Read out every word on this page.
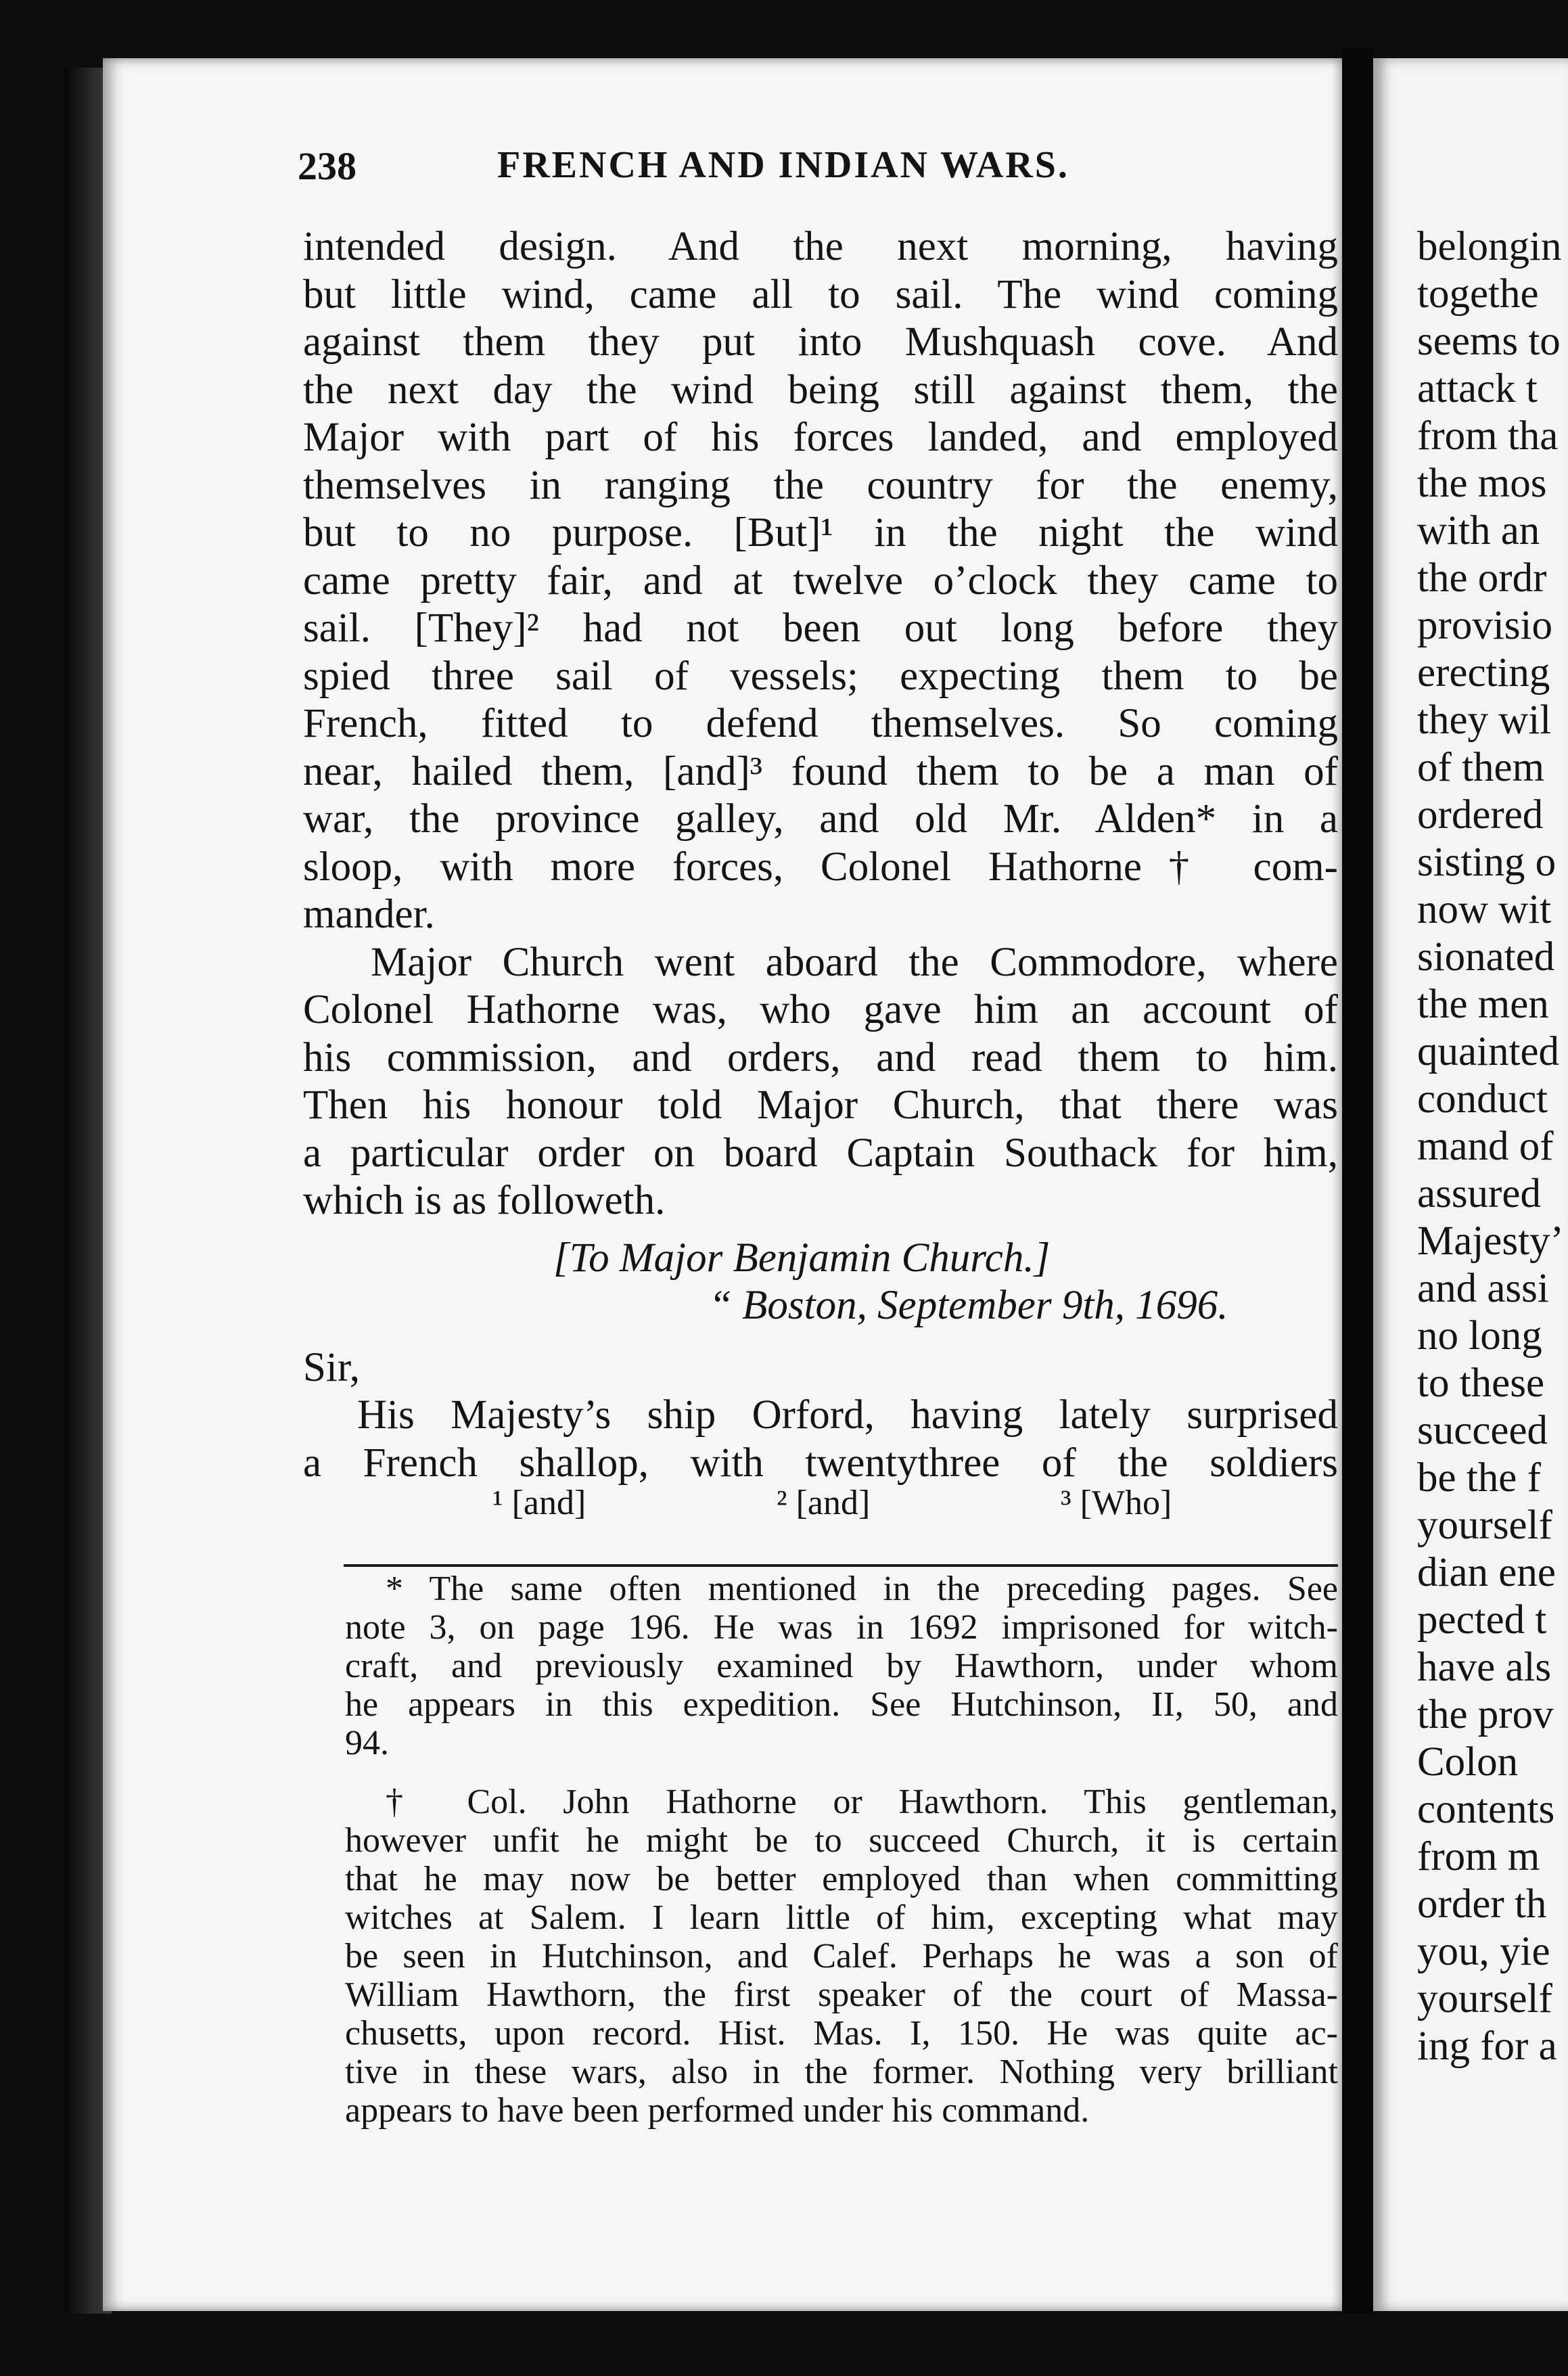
238	FRENCH AND INDIAN WARS.
intended design. And the next morning, having
but little wind, came all to sail. The wind coming
against them they put into Mushquash cove. And
the next day the wind being still against them, the
Major with part of his forces landed, and employed
themselves in ranging the country for the enemy,
but to no purpose. [But]¹ in the night the wind
came pretty fair, and at twelve o’clock they came to
sail. [They]² had not been out long before they
spied three sail of vessels; expecting them to be
French, fitted to defend themselves. So coming
near, hailed them, [and]³ found them to be a man of
war, the province galley, and old Mr. Alden* in a
sloop, with more forces, Colonel Hathorne† com-
mander.
Major Church went aboard the Commodore, where
Colonel Hathorne was, who gave him an account of
his commission, and orders, and read them to him.
Then his honour told Major Church, that there was
a particular order on board Captain Southack for him,
which is as followeth.
[To Major Benjamin Church.]
“ Boston, September 9th, 1696.
Sir,
His Majesty’s ship Orford, having lately surprised
a French shallop, with twentythree of the soldiers
¹ [and]	² [and]	³ [Who]
* The same often mentioned in the preceding pages. See
note 3, on page 196. He was in 1692 imprisoned for witch-
craft, and previously examined by Hawthorn, under whom
he appears in this expedition. See Hutchinson, II, 50, and
94.
† Col. John Hathorne or Hawthorn. This gentleman,
however unfit he might be to succeed Church, it is certain
that he may now be better employed than when committing
witches at Salem. I learn little of him, excepting what may
be seen in Hutchinson, and Calef. Perhaps he was a son of
William Hawthorn, the first speaker of the court of Massa-
chusetts, upon record. Hist. Mas. I, 150. He was quite ac-
tive in these wars, also in the former. Nothing very brilliant
appears to have been performed under his command.
belongin
togethe
seems to
attack t
from tha
the mos
with an
the ordr
provisio
erecting
they wil
of them
ordered
sisting o
now wit
sionated
the men
quainted
conduct
mand of
assured
Majesty’
and assi
no long
to these
succeed
be the f
yourself
dian ene
pected t
have als
the prov
Colon
contents
from m
order th
you, yie
yourself
ing for a
